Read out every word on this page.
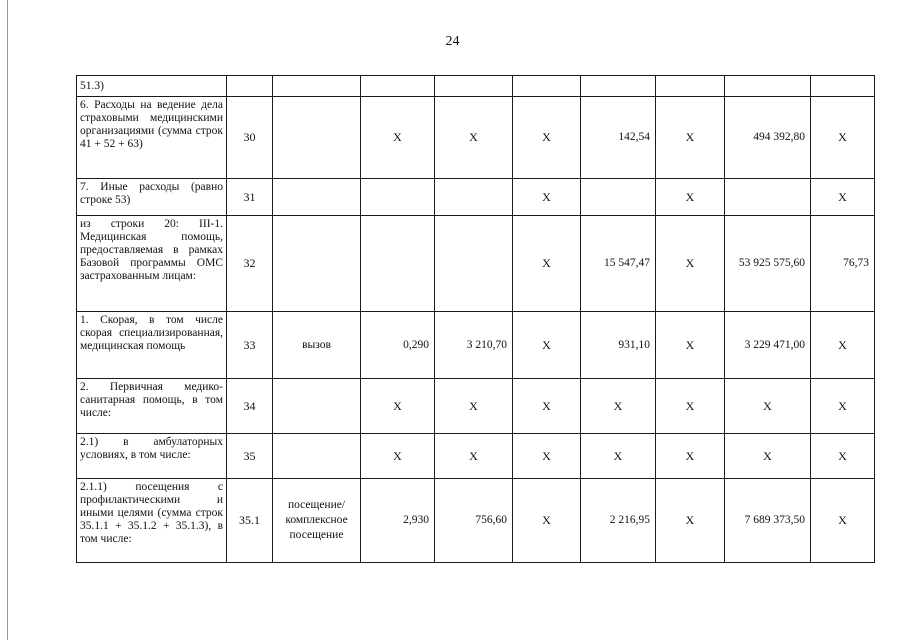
24
51.3)									
6. Расходы на ведение дела страховыми медицинскими организациями (сумма строк 41 + 52 + 63)	30		X	X	X	142,54	X	494 392,80	X
7. Иные расходы (равно строке 53)	31				X		X		X
из строки 20: III-1. Медицинская помощь, предоставляемая в рамках Базовой программы ОМС застрахованным лицам:	32				X	15 547,47	X	53 925 575,60	76,73
1. Скорая, в том числе скорая специализированная, медицинская помощь	33	вызов	0,290	3 210,70	X	931,10	X	3 229 471,00	X
2. Первичная медико-санитарная помощь, в том числе:	34		X	X	X	X	X	X	X
2.1) в амбулаторных условиях, в том числе:	35		X	X	X	X	X	X	X
2.1.1) посещения с профилактическими и иными целями (сумма строк 35.1.1 + 35.1.2 + 35.1.3), в том числе:	35.1	посещение/ комплексное посещение	2,930	756,60	X	2 216,95	X	7 689 373,50	X
